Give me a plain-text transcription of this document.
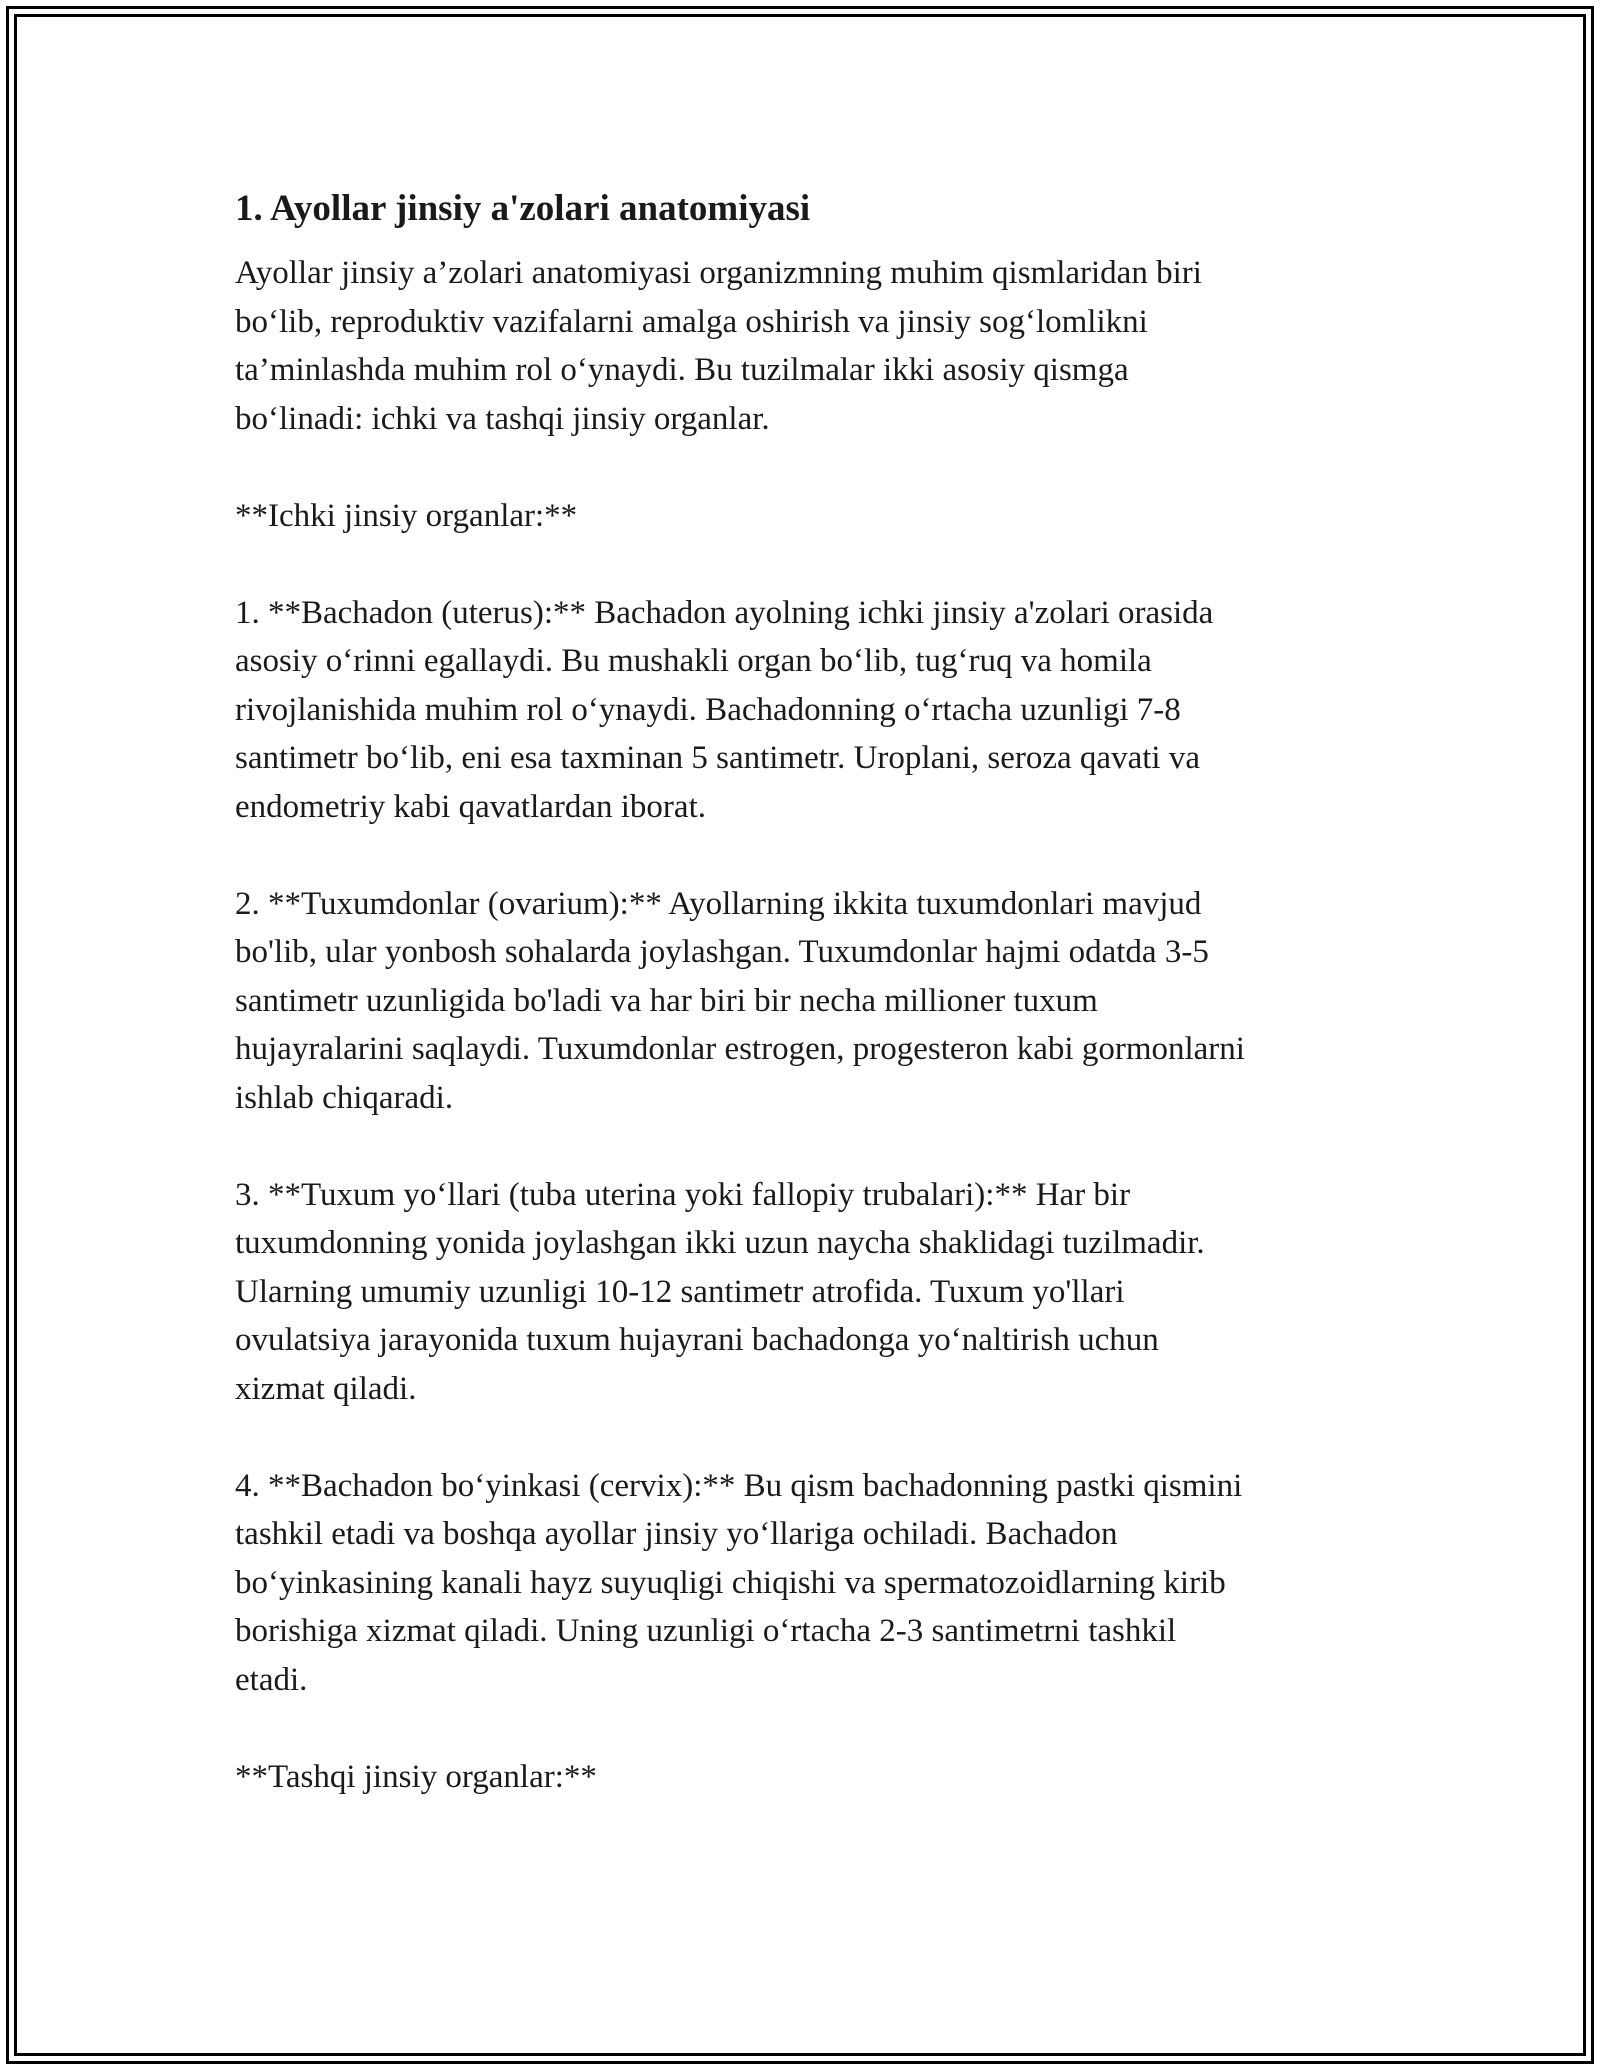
1. Ayollar jinsiy a'zolari anatomiyasi

Ayollar jinsiy a’zolari anatomiyasi organizmning muhim qismlaridan biri
bo‘lib, reproduktiv vazifalarni amalga oshirish va jinsiy sog‘lomlikni
ta’minlashda muhim rol o‘ynaydi. Bu tuzilmalar ikki asosiy qismga
bo‘linadi: ichki va tashqi jinsiy organlar.

**Ichki jinsiy organlar:**

1. **Bachadon (uterus):** Bachadon ayolning ichki jinsiy a'zolari orasida
asosiy o‘rinni egallaydi. Bu mushakli organ bo‘lib, tug‘ruq va homila
rivojlanishida muhim rol o‘ynaydi. Bachadonning o‘rtacha uzunligi 7-8
santimetr bo‘lib, eni esa taxminan 5 santimetr. Uroplani, seroza qavati va
endometriy kabi qavatlardan iborat.

2. **Tuxumdonlar (ovarium):** Ayollarning ikkita tuxumdonlari mavjud
bo'lib, ular yonbosh sohalarda joylashgan. Tuxumdonlar hajmi odatda 3-5
santimetr uzunligida bo'ladi va har biri bir necha millioner tuxum
hujayralarini saqlaydi. Tuxumdonlar estrogen, progesteron kabi gormonlarni
ishlab chiqaradi.

3. **Tuxum yo‘llari (tuba uterina yoki fallopiy trubalari):** Har bir
tuxumdonning yonida joylashgan ikki uzun naycha shaklidagi tuzilmadir.
Ularning umumiy uzunligi 10-12 santimetr atrofida. Tuxum yo'llari
ovulatsiya jarayonida tuxum hujayrani bachadonga yo‘naltirish uchun
xizmat qiladi.

4. **Bachadon bo‘yinkasi (cervix):** Bu qism bachadonning pastki qismini
tashkil etadi va boshqa ayollar jinsiy yo‘llariga ochiladi. Bachadon
bo‘yinkasining kanali hayz suyuqligi chiqishi va spermatozoidlarning kirib
borishiga xizmat qiladi. Uning uzunligi o‘rtacha 2-3 santimetrni tashkil
etadi.

**Tashqi jinsiy organlar:**
